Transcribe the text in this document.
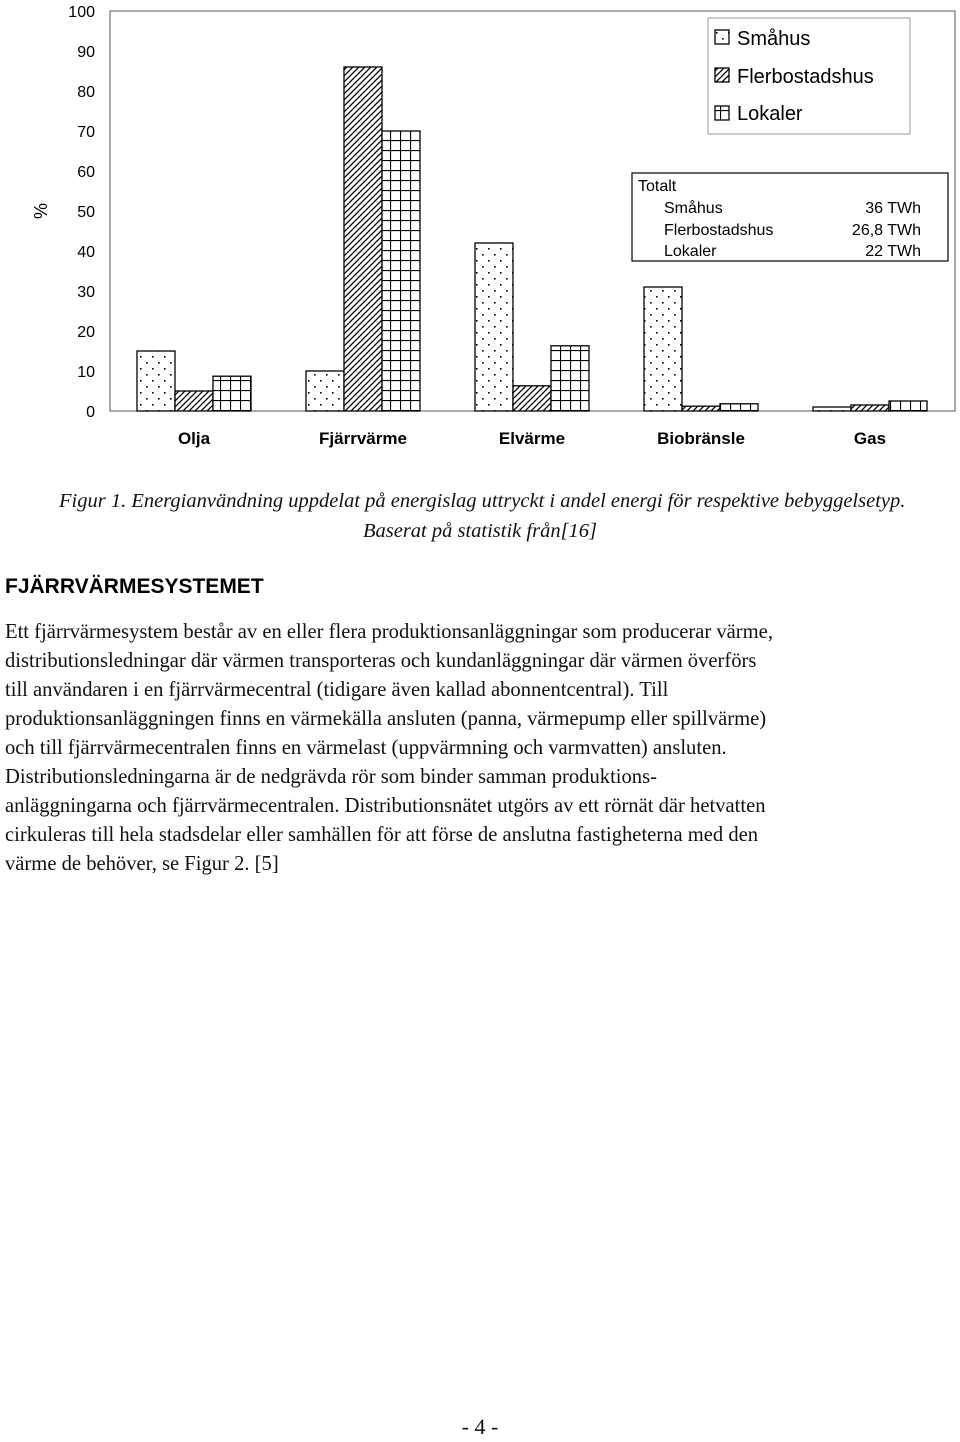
%
0
10
20
30
40
50
60
70
80
90
100
Olja	Fjärrvärme	Elvärme	Biobränsle	Gas
Småhus
Flerbostadshus
Lokaler
Totalt
Småhus	36 TWh
Flerbostadshus	26,8 TWh
Lokaler	22 TWh
Figur 1. Energianvändning uppdelat på energislag uttryckt i andel energi för respektive bebyggelsetyp.
Baserat på statistik från[16]
FJÄRRVÄRMESYSTEMET
Ett fjärrvärmesystem består av en eller flera produktionsanläggningar som producerar värme,
distributionsledningar där värmen transporteras och kundanläggningar där värmen överförs
till användaren i en fjärrvärmecentral (tidigare även kallad abonnentcentral). Till
produktionsanläggningen finns en värmekälla ansluten (panna, värmepump eller spillvärme)
och till fjärrvärmecentralen finns en värmelast (uppvärmning och varmvatten) ansluten.
Distributionsledningarna är de nedgrävda rör som binder samman produktions-
anläggningarna och fjärrvärmecentralen. Distributionsnätet utgörs av ett rörnät där hetvatten
cirkuleras till hela stadsdelar eller samhällen för att förse de anslutna fastigheterna med den
värme de behöver, se Figur 2. [5]
- 4 -
